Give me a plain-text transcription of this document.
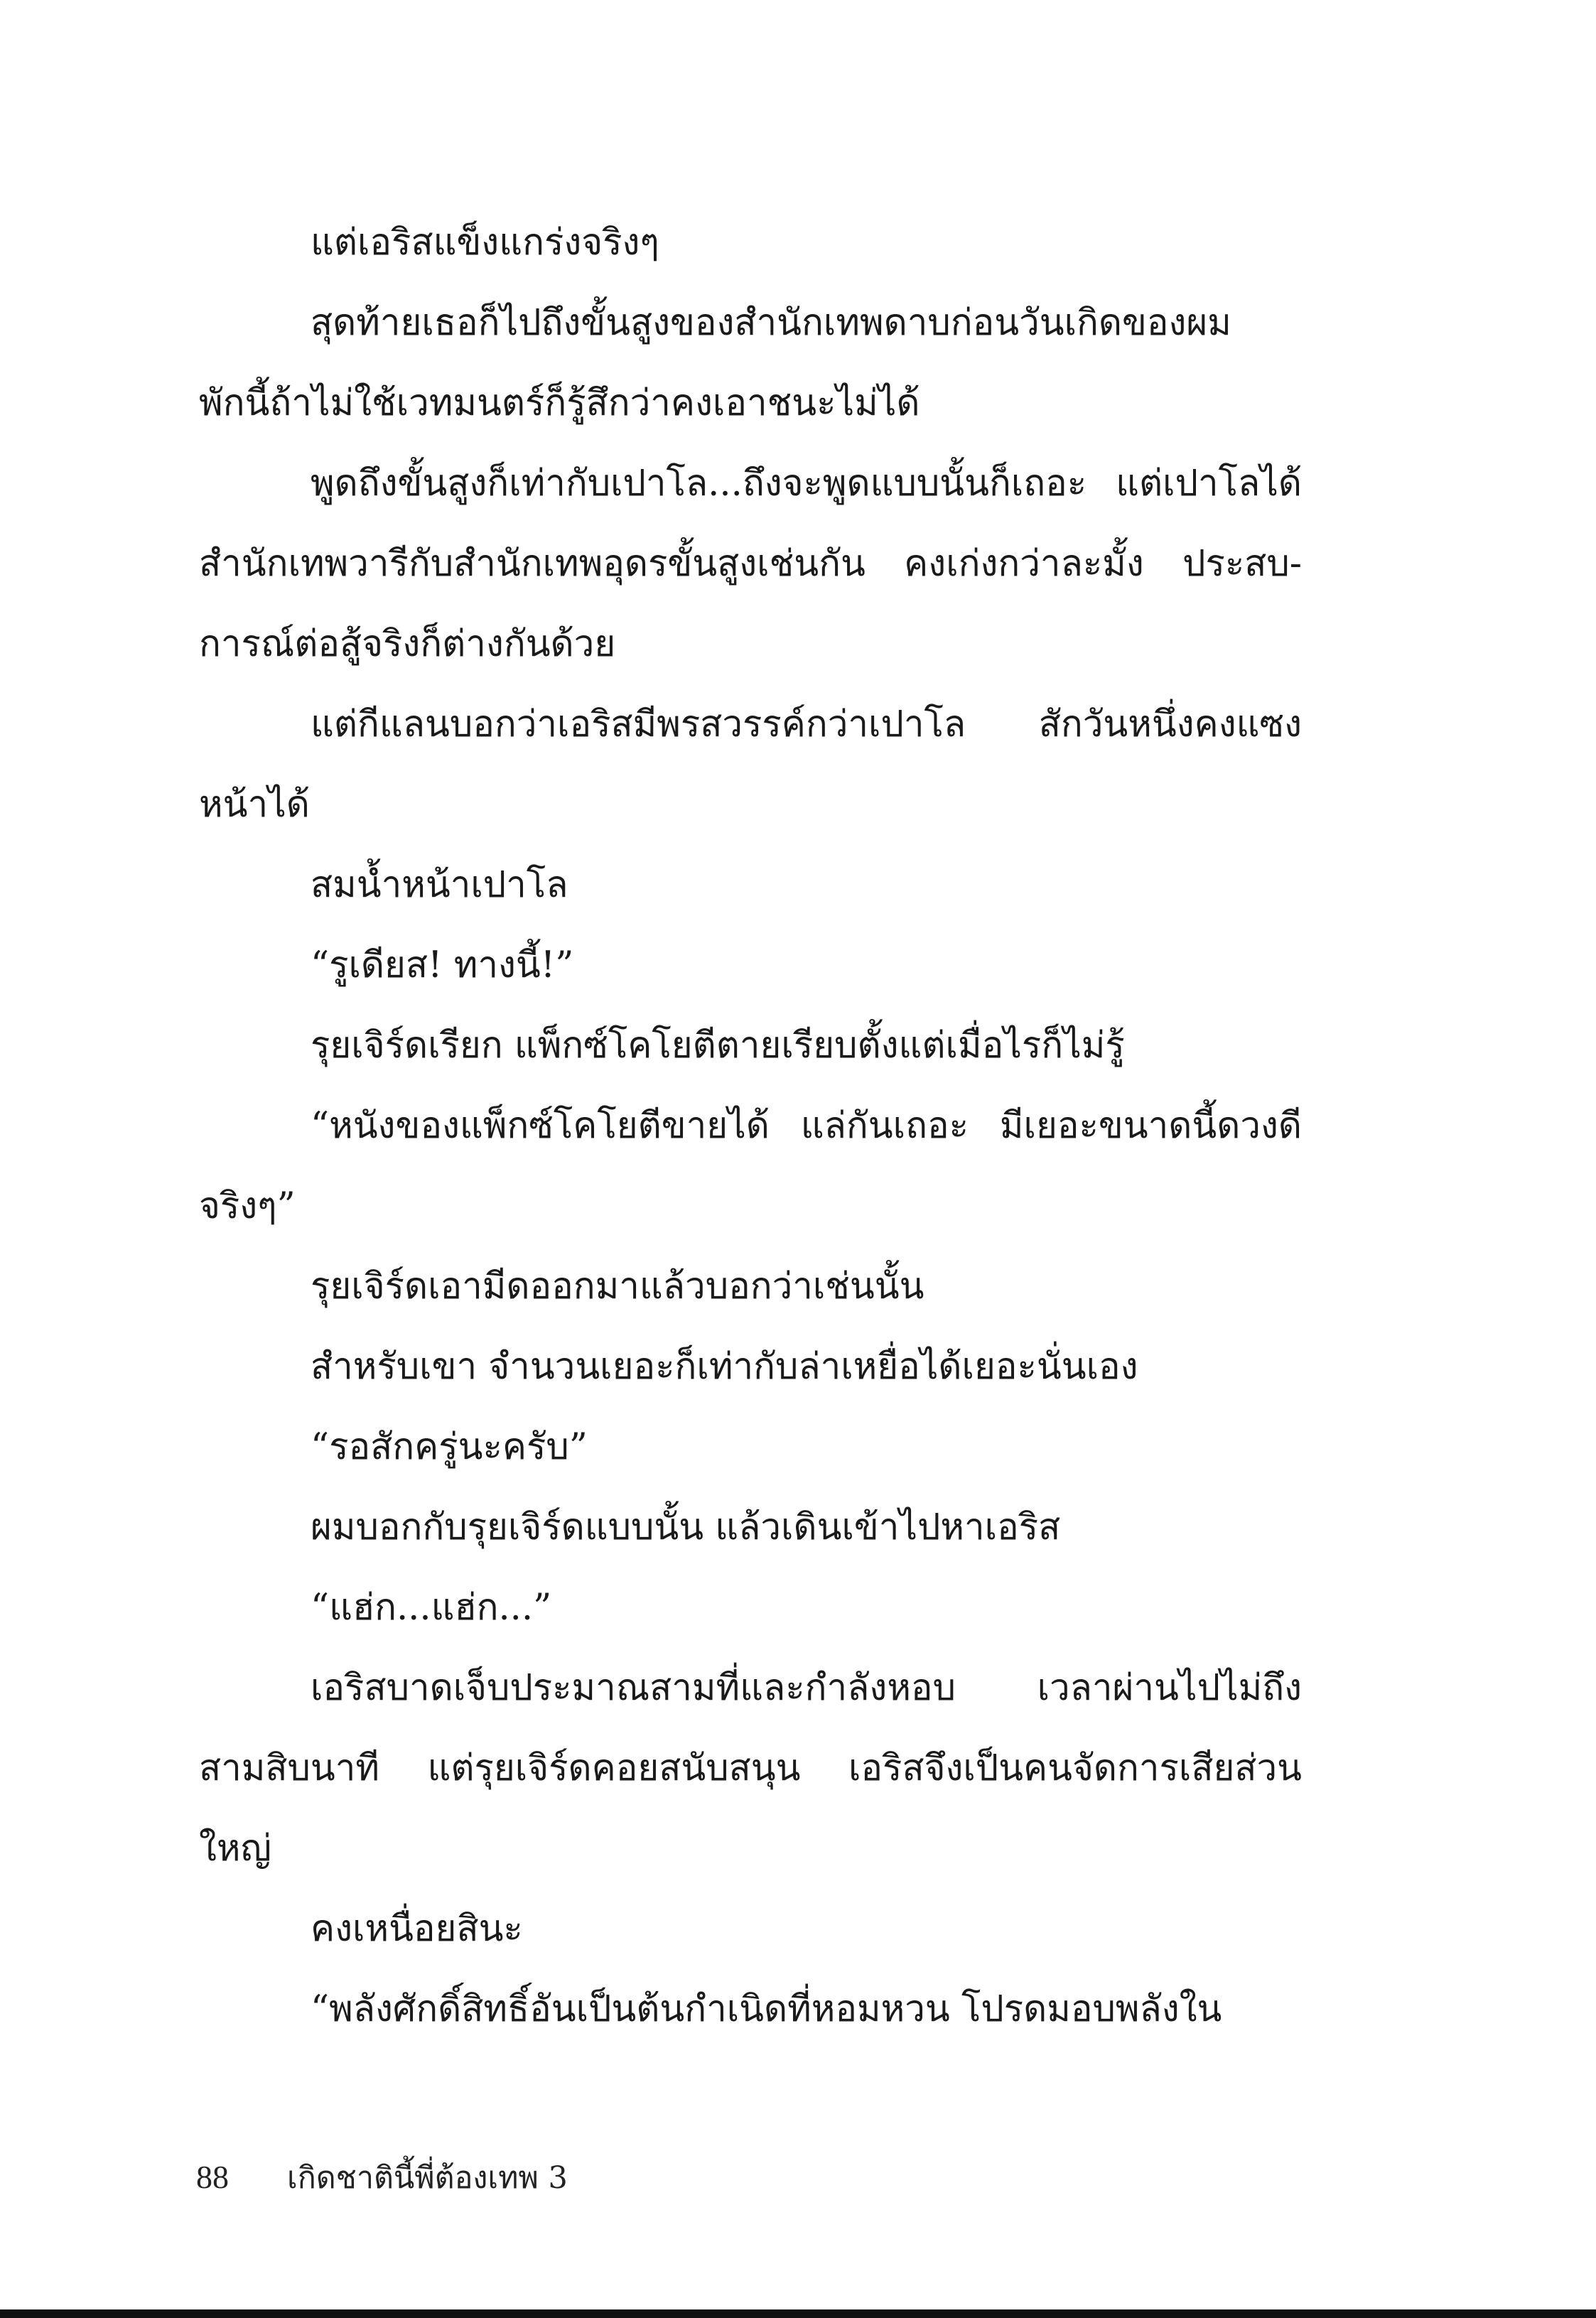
แต่เอริสแข็งแกร่งจริงๆ
สุดท้ายเธอก็ไปถึงขั้นสูงของสำนักเทพดาบก่อนวันเกิดของผม
พักนี้ถ้าไม่ใช้เวทมนตร์ก็รู้สึกว่าคงเอาชนะไม่ได้
พูดถึงขั้นสูงก็เท่ากับเปาโล...ถึงจะพูดแบบนั้นก็เถอะ แต่เปาโลได้
สำนักเทพวารีกับสำนักเทพอุดรขั้นสูงเช่นกัน คงเก่งกว่าละมั้ง ประสบ-
การณ์ต่อสู้จริงก็ต่างกันด้วย
แต่กีแลนบอกว่าเอริสมีพรสวรรค์กว่าเปาโล สักวันหนึ่งคงแซง
หน้าได้
สมน้ำหน้าเปาโล
“รูเดียส! ทางนี้!”
รุยเจิร์ดเรียก แพ็กซ์โคโยตีตายเรียบตั้งแต่เมื่อไรก็ไม่รู้
“หนังของแพ็กซ์โคโยตีขายได้ แล่กันเถอะ มีเยอะขนาดนี้ดวงดี
จริงๆ”
รุยเจิร์ดเอามีดออกมาแล้วบอกว่าเช่นนั้น
สำหรับเขา จำนวนเยอะก็เท่ากับล่าเหยื่อได้เยอะนั่นเอง
“รอสักครู่นะครับ”
ผมบอกกับรุยเจิร์ดแบบนั้น แล้วเดินเข้าไปหาเอริส
“แฮ่ก...แฮ่ก...”
เอริสบาดเจ็บประมาณสามที่และกำลังหอบ เวลาผ่านไปไม่ถึง
สามสิบนาที แต่รุยเจิร์ดคอยสนับสนุน เอริสจึงเป็นคนจัดการเสียส่วน
ใหญ่
คงเหนื่อยสินะ
“พลังศักดิ์สิทธิ์อันเป็นต้นกำเนิดที่หอมหวน โปรดมอบพลังใน
88 เกิดชาตินี้พี่ต้องเทพ 3
